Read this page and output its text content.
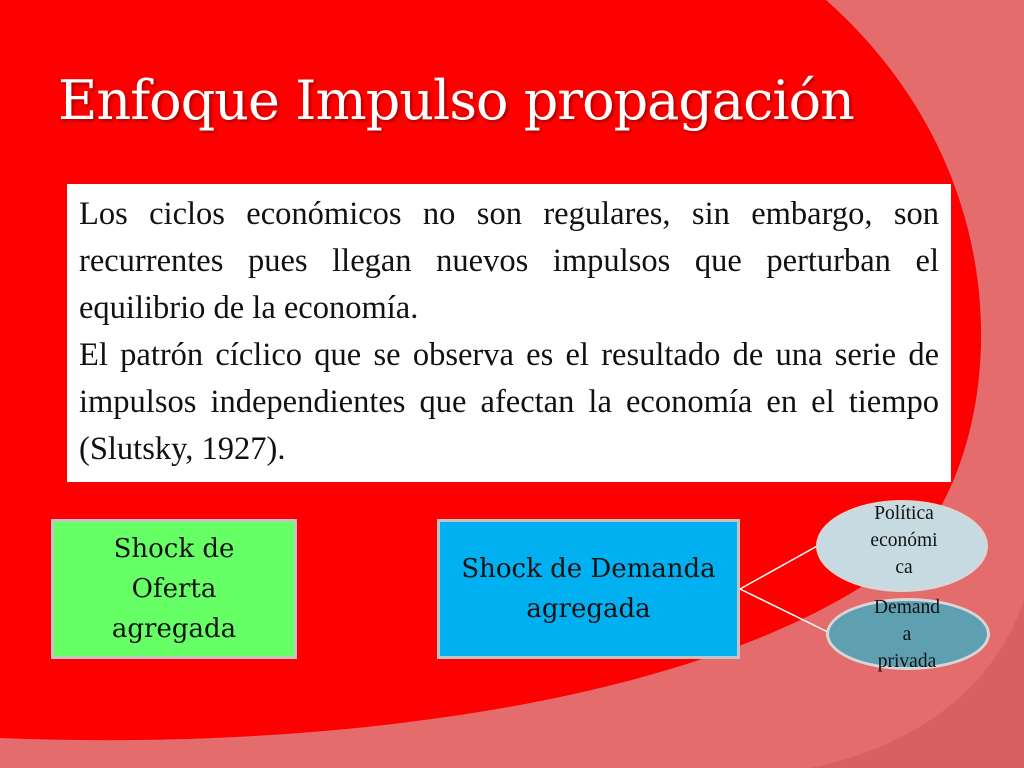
Enfoque Impulso propagación

Los ciclos económicos no son regulares, sin embargo, son recurrentes pues llegan nuevos impulsos que perturban el equilibrio de la economía.

El patrón cíclico que se observa es el resultado de una serie de impulsos independientes que afectan la economía en el tiempo (Slutsky, 1927).

Shock de
Oferta
agregada
Shock de Demanda
agregada
Política
económi
ca
Demand
a
privada
